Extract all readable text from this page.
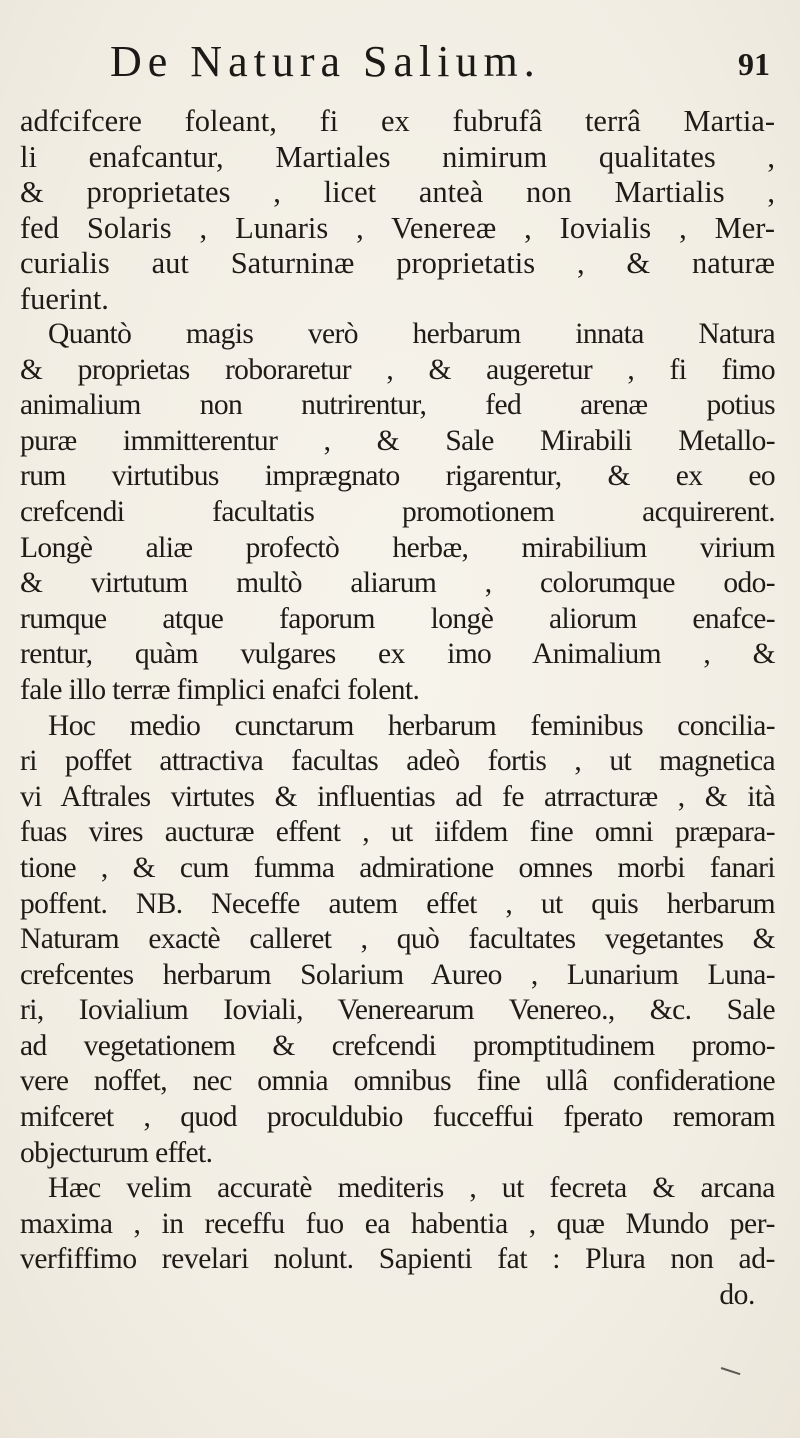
De Natura Salium.	91
adfcifcere foleant, fi ex fubrufâ terrâ Martia-
li enafcantur, Martiales nimirum qualitates ,
& proprietates , licet anteà non Martialis ,
fed Solaris , Lunaris , Venereæ , Iovialis , Mer-
curialis aut Saturninæ proprietatis , & naturæ
fuerint.
Quantò magis verò herbarum innata Natura
& proprietas roboraretur , & augeretur , fi fimo
animalium non nutrirentur, fed arenæ potius
puræ immitterentur , & Sale Mirabili Metallo-
rum virtutibus imprægnato rigarentur, & ex eo
crefcendi facultatis promotionem acquirerent.
Longè aliæ profectò herbæ, mirabilium virium
& virtutum multò aliarum , colorumque odo-
rumque atque faporum longè aliorum enafce-
rentur, quàm vulgares ex imo Animalium , &
fale illo terræ fimplici enafci folent.
Hoc medio cunctarum herbarum feminibus concilia-
ri poffet attractiva facultas adeò fortis , ut magnetica
vi Aftrales virtutes & influentias ad fe atrracturæ , & ità
fuas vires aucturæ effent , ut iifdem fine omni præpara-
tione , & cum fumma admiratione omnes morbi fanari
poffent. NB. Neceffe autem effet , ut quis herbarum
Naturam exactè calleret , quò facultates vegetantes &
crefcentes herbarum Solarium Aureo , Lunarium Luna-
ri, Iovialium Ioviali, Venerearum Venereo., &c. Sale
ad vegetationem & crefcendi promptitudinem promo-
vere noffet, nec omnia omnibus fine ullâ confideratione
mifceret , quod proculdubio fucceffui fperato remoram
objecturum effet.
Hæc velim accuratè mediteris , ut fecreta & arcana
maxima , in receffu fuo ea habentia , quæ Mundo per-
verfiffimo revelari nolunt. Sapienti fat : Plura non ad-
do.
